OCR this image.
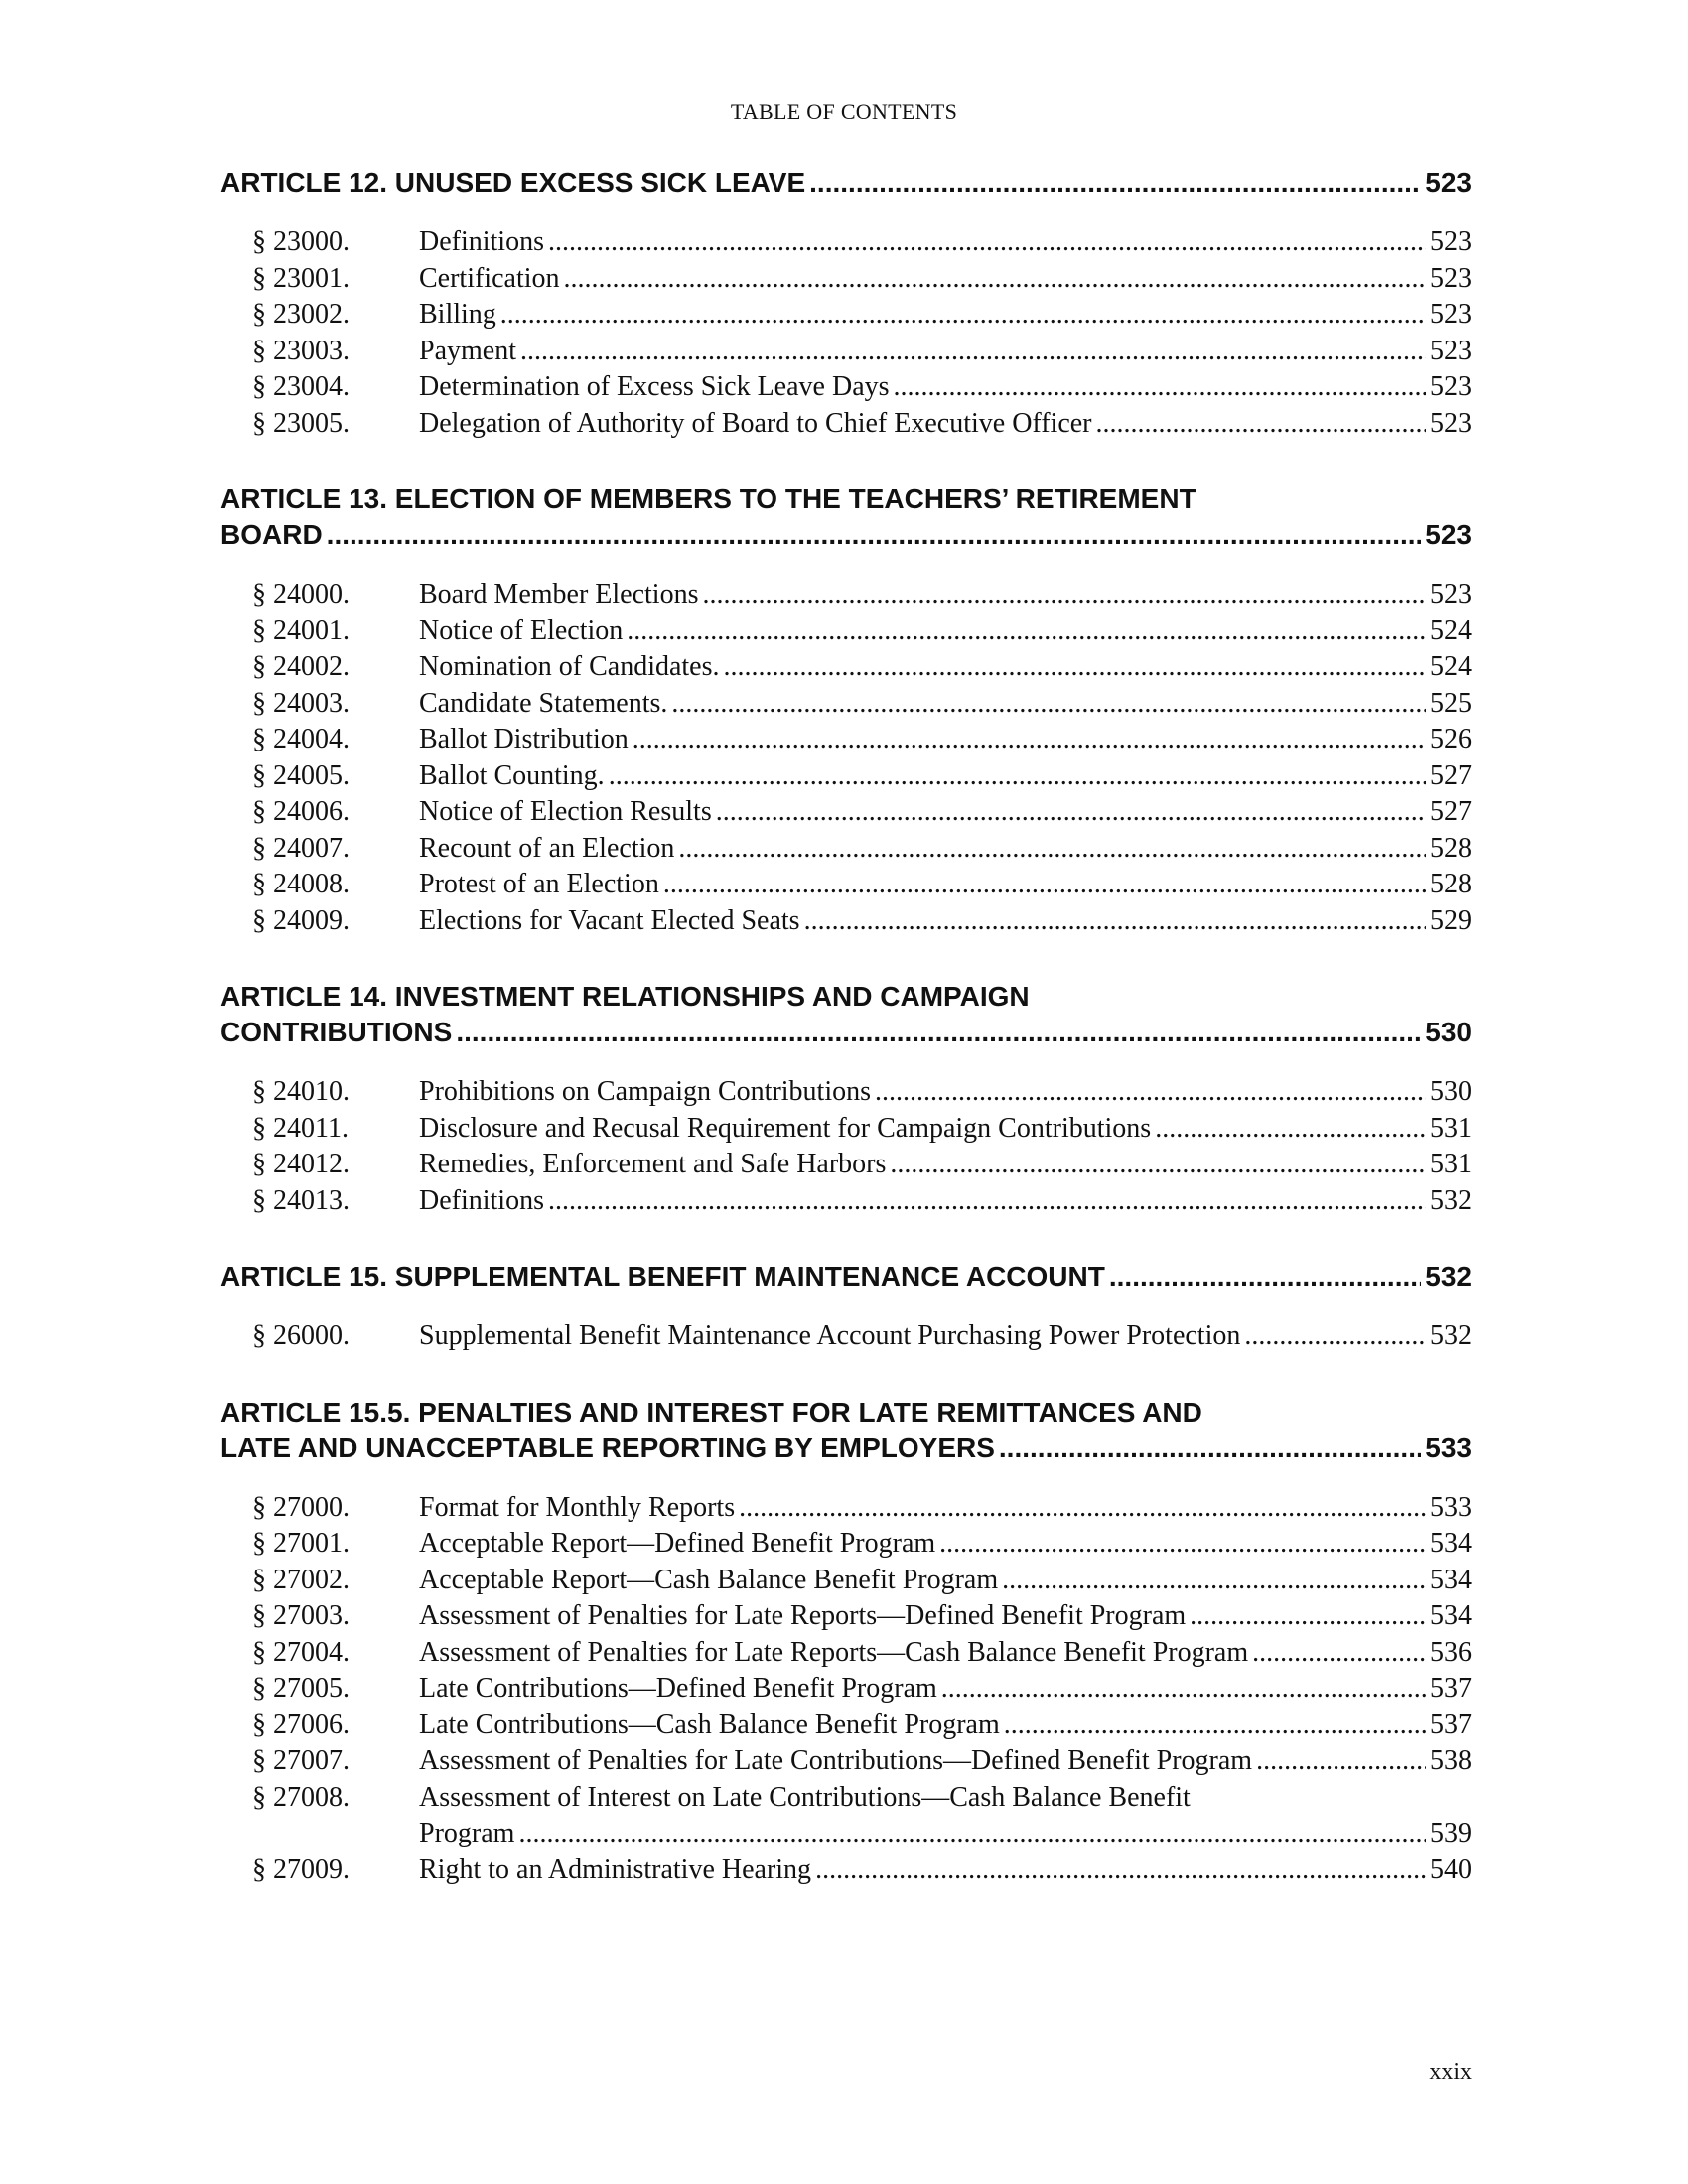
TABLE OF CONTENTS
ARTICLE 12. UNUSED EXCESS SICK LEAVE .....	523
§ 23000.	Definitions .....	523
§ 23001.	Certification .....	523
§ 23002.	Billing .....	523
§ 23003.	Payment .....	523
§ 23004.	Determination of Excess Sick Leave Days .....	523
§ 23005.	Delegation of Authority of Board to Chief Executive Officer .....	523
ARTICLE 13. ELECTION OF MEMBERS TO THE TEACHERS’ RETIREMENT
BOARD .....	523
§ 24000.	Board Member Elections .....	523
§ 24001.	Notice of Election .....	524
§ 24002.	Nomination of Candidates. .....	524
§ 24003.	Candidate Statements. .....	525
§ 24004.	Ballot Distribution .....	526
§ 24005.	Ballot Counting. .....	527
§ 24006.	Notice of Election Results .....	527
§ 24007.	Recount of an Election .....	528
§ 24008.	Protest of an Election .....	528
§ 24009.	Elections for Vacant Elected Seats .....	529
ARTICLE 14. INVESTMENT RELATIONSHIPS AND CAMPAIGN
CONTRIBUTIONS .....	530
§ 24010.	Prohibitions on Campaign Contributions .....	530
§ 24011.	Disclosure and Recusal Requirement for Campaign Contributions .....	531
§ 24012.	Remedies, Enforcement and Safe Harbors .....	531
§ 24013.	Definitions .....	532
ARTICLE 15. SUPPLEMENTAL BENEFIT MAINTENANCE ACCOUNT .....	532
§ 26000.	Supplemental Benefit Maintenance Account Purchasing Power Protection .....	532
ARTICLE 15.5. PENALTIES AND INTEREST FOR LATE REMITTANCES AND
LATE AND UNACCEPTABLE REPORTING BY EMPLOYERS .....	533
§ 27000.	Format for Monthly Reports .....	533
§ 27001.	Acceptable Report—Defined Benefit Program .....	534
§ 27002.	Acceptable Report—Cash Balance Benefit Program .....	534
§ 27003.	Assessment of Penalties for Late Reports—Defined Benefit Program .....	534
§ 27004.	Assessment of Penalties for Late Reports—Cash Balance Benefit Program .....	536
§ 27005.	Late Contributions—Defined Benefit Program .....	537
§ 27006.	Late Contributions—Cash Balance Benefit Program .....	537
§ 27007.	Assessment of Penalties for Late Contributions—Defined Benefit Program .....	538
§ 27008.	Assessment of Interest on Late Contributions—Cash Balance Benefit
Program .....	539
§ 27009.	Right to an Administrative Hearing .....	540
xxix
